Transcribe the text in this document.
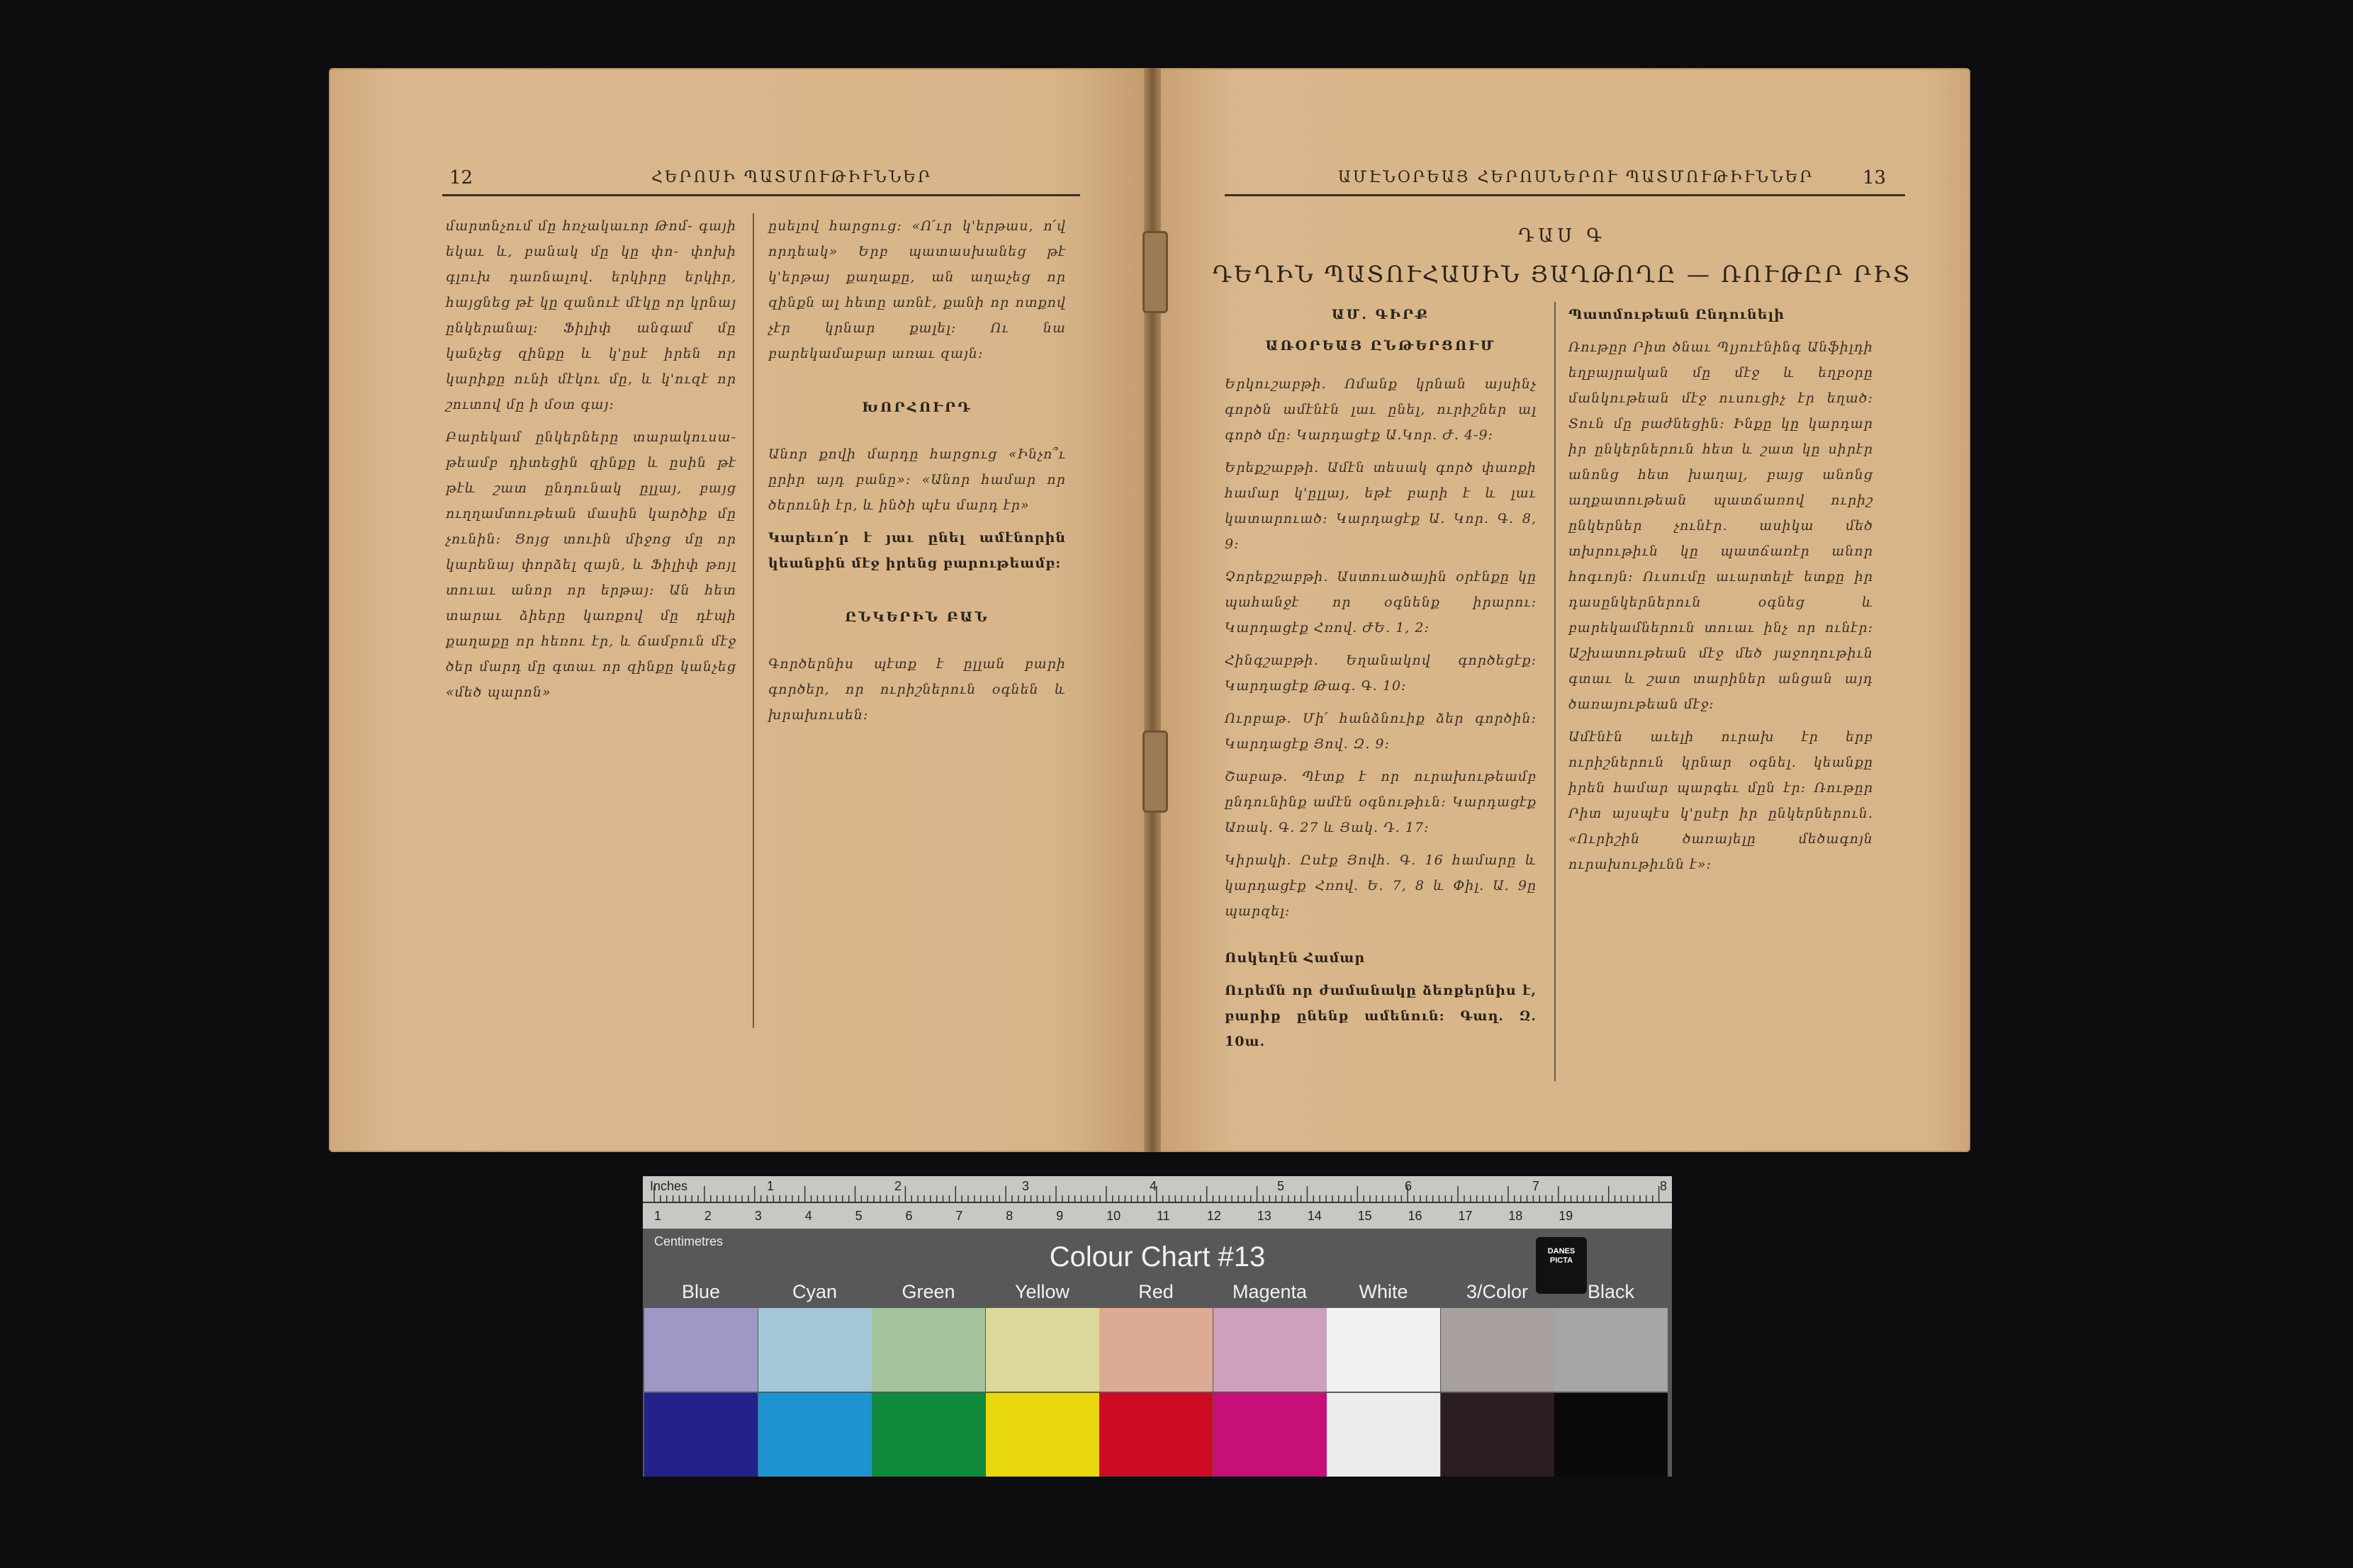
12	ՀԵՐՈՍԻ ՊԱՏՄՈՒԹԻՒՆՆԵՐ

մարտնչում մը հռչակաւոր Թոմ- գայի եկաւ և, բանակ մը կը փո- փոխի գլուխ դառնալով. երկիրը երկիր, հայցնեց թէ կը զանուէ մէկը որ կրնայ ընկերանալ: Ֆիլիփ անգամ մը կանչեց զինքը և կ'ըսէ իրեն որ կարիքը ունի մէկու մը, և կ'ուզէ որ շուտով մը ի մօտ գայ:

Բարեկամ ընկերները տարակուսա- թեամբ դիտեցին զինքը և ըսին թէ թէև շատ ընդունակ ըլլայ, բայց ուղղամտութեան մասին կարծիք մը չունին: Ցոյց տուին միջոց մը որ կարենայ փորձել զայն, և Ֆիլիփ թոյլ տուաւ անոր որ երթայ: Ան հետ տարաւ ձիերը կառքով մը դէպի քաղաքը որ հեռու էր, և ճամբուն մէջ ծեր մարդ մը գտաւ որ զինքը կանչեց «մեծ պարոն»

ըսելով հարցուց: «Ո՛ւր կ'երթաս, ո՛վ որդեակ» Երբ պատասխանեց թէ կ'երթայ քաղաքը, ան աղաչեց որ զինքն ալ հետը առնէ, քանի որ ոտքով չէր կրնար քալել: Ու նա բարեկամաբար առաւ զայն:

ԽՈՐՀՈՒՐԴ

Անոր քովի մարդը հարցուց «Ինչո՞ւ ըրիր այդ բանը»: «Անոր համար որ ծերունի էր, և ինծի պէս մարդ էր»

Կարեւո՛ր է յաւ ընել ամէնորին կեանքին մէջ իրենց բարութեամբ:

ԸՆԿԵՐԻՆ ԲԱՆ

Գործերնիս պէտք է ըլլան բարի գործեր, որ ուրիշներուն օգնեն և խրախուսեն:

ԱՄԷՆՕՐԵԱՅ ՀԵՐՈՍՆԵՐՈՒ ՊԱՏՄՈՒԹԻՒՆՆԵՐ	13
ԴԱՍ Գ
ԴԵՂԻՆ ՊԱՏՈՒՀԱՍԻՆ ՅԱՂԹՈՂԸ — ՌՈՒԹԸՐ ՐԻՏ
ԱՄ. ԳԻՐՔ
ԱՌՕՐԵԱՅ ԸՆԹԵՐՑՈՒՄ

Երկուշաբթի. Ոմանք կրնան այսինչ գործն ամէնէն լաւ ընել, ուրիշներ ալ գործ մը: Կարդացէք Ա.Կոր. Ժ. 4-9:

Երեքշաբթի. Ամէն տեսակ գործ փառքի համար կ'ըլլայ, եթէ բարի է և լաւ կատարուած: Կարդացէք Ա. Կոր. Գ. 8, 9:

Չորեքշաբթի. Աստուածային օրէնքը կը պահանջէ որ օգնենք իրարու: Կարդացէք Հռով. ԺԵ. 1, 2:

Հինգշաբթի. Եղանակով գործեցէք: Կարդացէք Թագ. Գ. 10:

Ուրբաթ. Մի՛ հանձնուիք ձեր գործին: Կարդացէք Յով. Զ. 9:

Շաբաթ. Պէտք է որ ուրախութեամբ ընդունինք ամէն օգնութիւն: Կարդացէք Առակ. Գ. 27 և Յակ. Դ. 17:

Կիրակի. Ըսէք Յովհ. Գ. 16 համարը և կարդացէք Հռով. Ե. 7, 8 և Փիլ. Ա. 9ը պարզել:

Ոսկեղէն Համար

Ուրեմն որ ժամանակը ձեռքերնիս է, բարիք ընենք ամենուն: Գաղ. Զ. 10ա.

Պատմութեան Ընդունելի

Ռութըր Րիտ ծնաւ Պլյուէնինգ Անֆիլդի եղբայրական մը մէջ և եղբօրը մանկութեան մէջ ուսուցիչ էր եղած: Տուն մը բաժնեցին: Ինքը կը կարդար իր ընկերներուն հետ և շատ կը սիրէր անոնց հետ խաղալ, բայց անոնց աղքատութեան պատճառով ուրիշ ընկերներ չունէր. ասիկա մեծ տխրութիւն կը պատճառէր անոր հոգւոյն: Ուսումը աւարտելէ ետքը իր դասընկերներուն օգնեց և բարեկամներուն տուաւ ինչ որ ունէր: Աշխատութեան մէջ մեծ յաջողութիւն գտաւ և շատ տարիներ անցան այդ ծառայութեան մէջ:

Ամէնէն աւելի ուրախ էր երբ ուրիշներուն կրնար օգնել. կեանքը իրեն համար պարգեւ մըն էր: Ռութըր Րիտ այսպէս կ'ըսէր իր ընկերներուն. «Ուրիշին ծառայելը մեծագոյն ուրախութիւնն է»:

Inches	1	2	3	4	5	6	7	8
1	2	3	4	5	6	7	8	9	10	11	12	13	14	15	16	17	18	19
Centimetres	Colour Chart #13	DANES PICTA
Blue	Cyan	Green	Yellow	Red	Magenta	White	3/Color	Black
